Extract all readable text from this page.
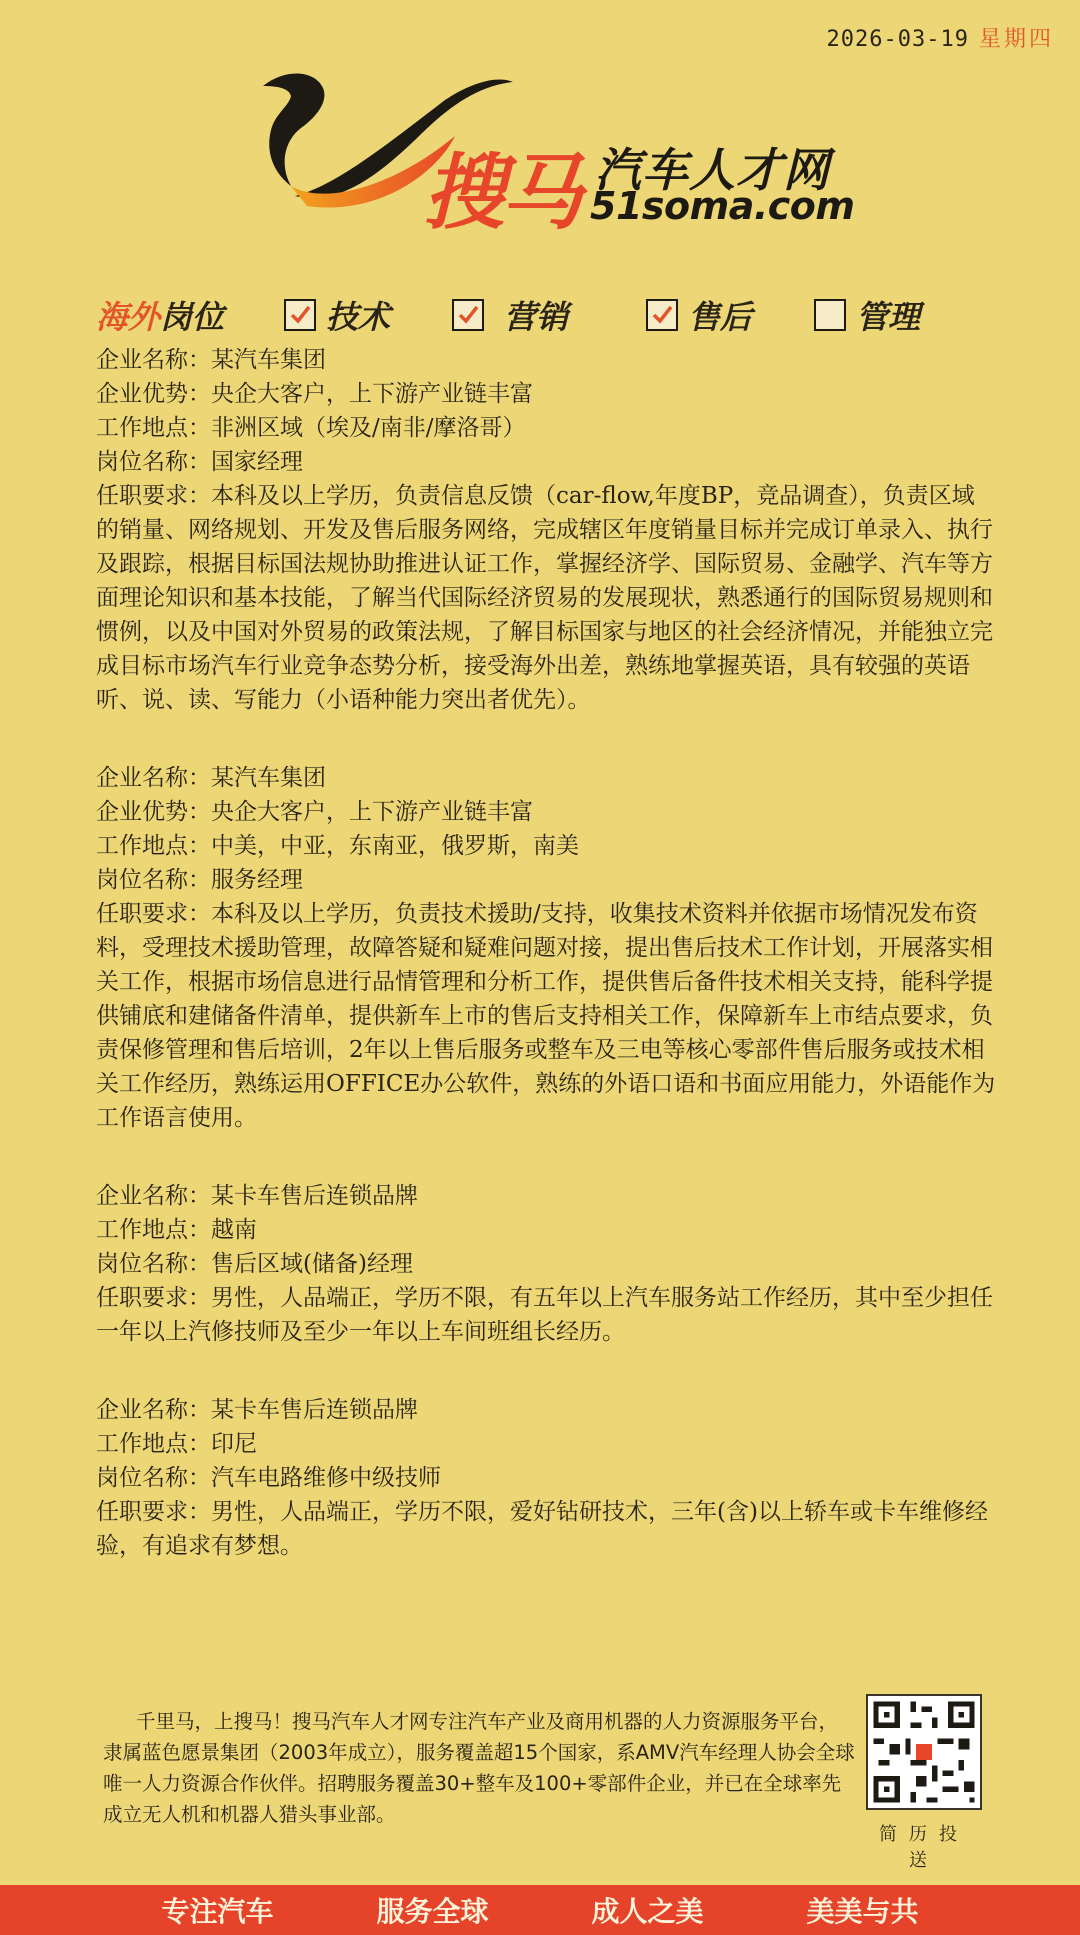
2026-03-19 星期四
搜马 汽车人才网
51soma.com
海外岗位	技术	营销	售后	管理

企业名称：某汽车集团

企业优势：央企大客户，上下游产业链丰富

工作地点：非洲区域（埃及/南非/摩洛哥）

岗位名称：国家经理

任职要求：本科及以上学历，负责信息反馈（car-flow,年度BP，竞品调查），负责区域的销量、网络规划、开发及售后服务网络，完成辖区年度销量目标并完成订单录入、执行及跟踪，根据目标国法规协助推进认证工作，掌握经济学、国际贸易、金融学、汽车等方面理论知识和基本技能，了解当代国际经济贸易的发展现状，熟悉通行的国际贸易规则和惯例，以及中国对外贸易的政策法规，了解目标国家与地区的社会经济情况，并能独立完成目标市场汽车行业竞争态势分析，接受海外出差，熟练地掌握英语，具有较强的英语听、说、读、写能力（小语种能力突出者优先）。

企业名称：某汽车集团

企业优势：央企大客户，上下游产业链丰富

工作地点：中美，中亚，东南亚，俄罗斯，南美

岗位名称：服务经理

任职要求：本科及以上学历，负责技术援助/支持，收集技术资料并依据市场情况发布资料，受理技术援助管理，故障答疑和疑难问题对接，提出售后技术工作计划，开展落实相关工作，根据市场信息进行品情管理和分析工作，提供售后备件技术相关支持，能科学提供铺底和建储备件清单，提供新车上市的售后支持相关工作，保障新车上市结点要求，负责保修管理和售后培训，2年以上售后服务或整车及三电等核心零部件售后服务或技术相关工作经历，熟练运用OFFICE办公软件，熟练的外语口语和书面应用能力，外语能作为工作语言使用。

企业名称：某卡车售后连锁品牌

工作地点：越南

岗位名称：售后区域(储备)经理

任职要求：男性，人品端正，学历不限，有五年以上汽车服务站工作经历，其中至少担任一年以上汽修技师及至少一年以上车间班组长经历。

企业名称：某卡车售后连锁品牌

工作地点：印尼

岗位名称：汽车电路维修中级技师

任职要求：男性，人品端正，学历不限，爱好钻研技术，三年(含)以上轿车或卡车维修经验，有追求有梦想。

千里马，上搜马！搜马汽车人才网专注汽车产业及商用机器的人力资源服务平台，隶属蓝色愿景集团（2003年成立），服务覆盖超15个国家，系AMV汽车经理人协会全球唯一人力资源合作伙伴。招聘服务覆盖30+整车及100+零部件企业，并已在全球率先成立无人机和机器人猎头事业部。

简历投送
专注汽车	服务全球	成人之美	美美与共
